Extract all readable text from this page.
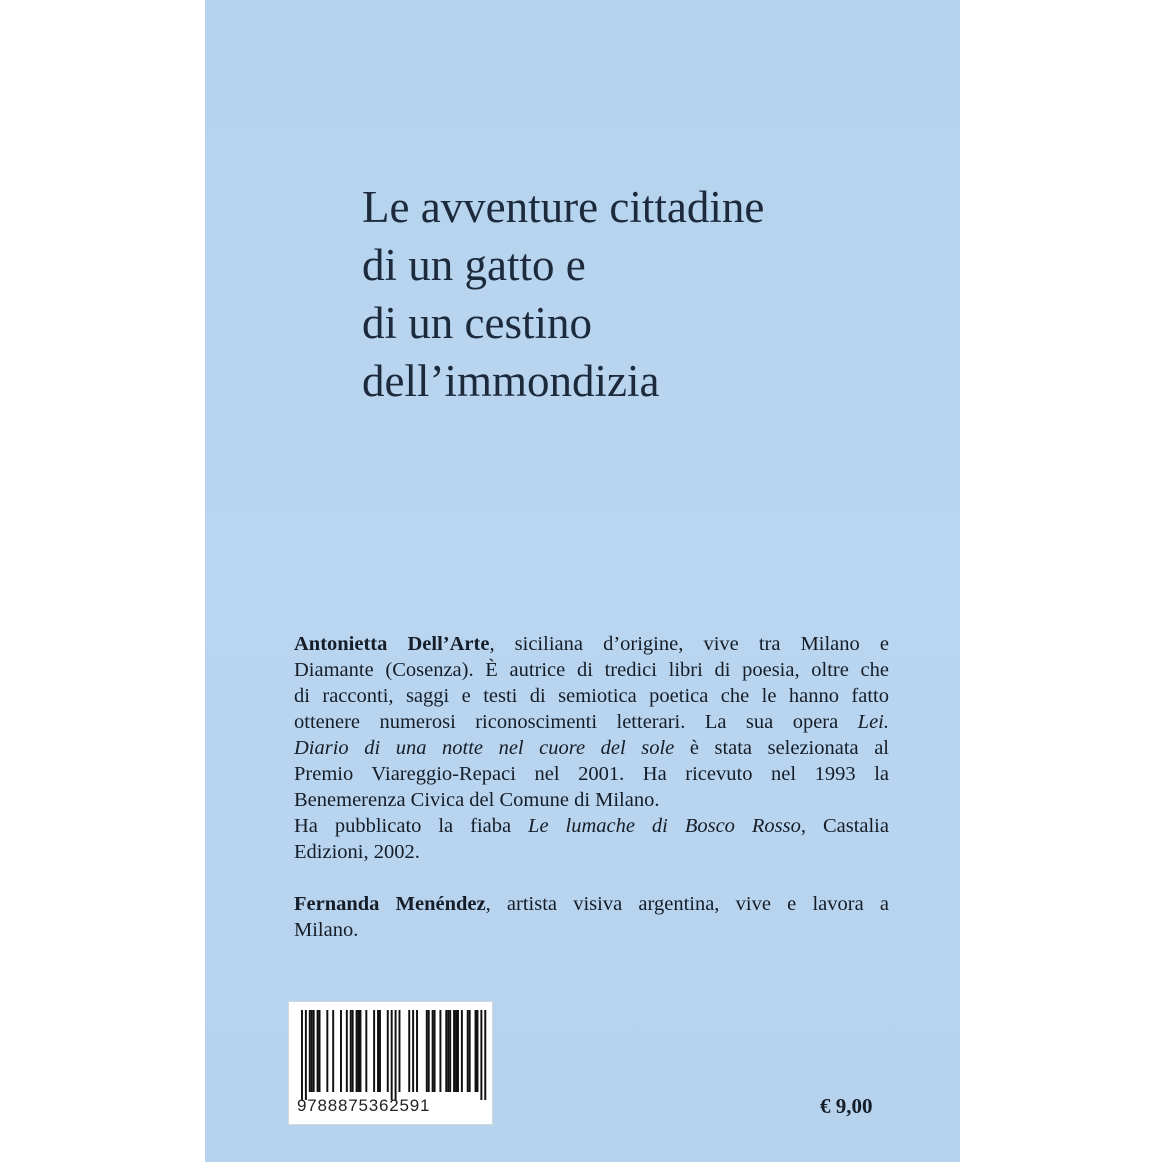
Le avventure cittadine
di un gatto e
di un cestino
dell’immondizia

Antonietta Dell’Arte, siciliana d’origine, vive tra Milano e
Diamante (Cosenza). È autrice di tredici libri di poesia, oltre che
di racconti, saggi e testi di semiotica poetica che le hanno fatto
ottenere numerosi riconoscimenti letterari. La sua opera Lei.
Diario di una notte nel cuore del sole è stata selezionata al
Premio Viareggio-Repaci nel 2001. Ha ricevuto nel 1993 la
Benemerenza Civica del Comune di Milano.
Ha pubblicato la fiaba Le lumache di Bosco Rosso, Castalia
Edizioni, 2002.

Fernanda Menéndez, artista visiva argentina, vive e lavora a
Milano.

9788875362591	€ 9,00
